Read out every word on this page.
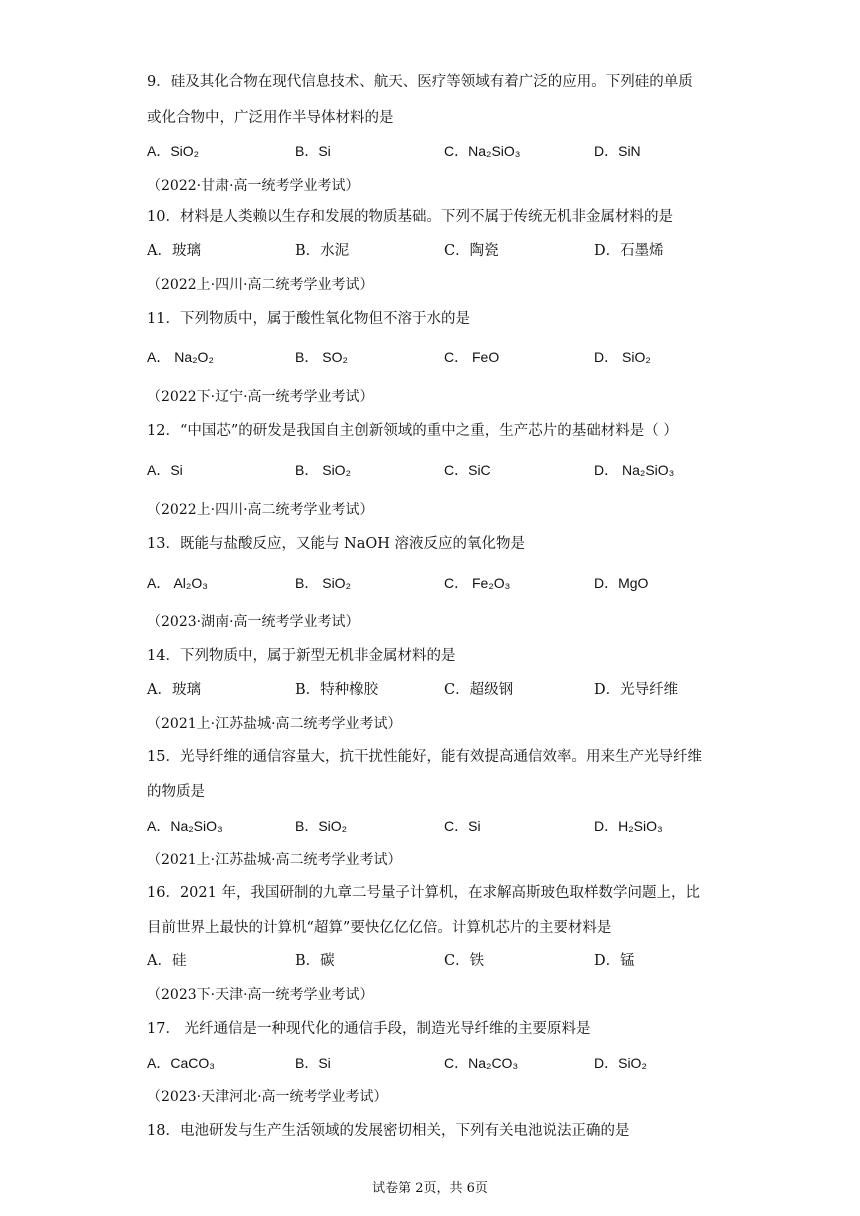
9．硅及其化合物在现代信息技术、航天、医疗等领域有着广泛的应用。下列硅的单质
或化合物中，广泛用作半导体材料的是
A．SiO₂	B．Si	C．Na₂SiO₃	D．SiN
（2022·甘肃·高一统考学业考试）
10．材料是人类赖以生存和发展的物质基础。下列不属于传统无机非金属材料的是
A．玻璃	B．水泥	C．陶瓷	D．石墨烯
（2022上·四川·高二统考学业考试）
11．下列物质中，属于酸性氧化物但不溶于水的是
A． Na₂O₂	B． SO₂	C． FeO	D． SiO₂
（2022下·辽宁·高一统考学业考试）
12．“中国芯”的研发是我国自主创新领域的重中之重，生产芯片的基础材料是（ ）
A．Si	B． SiO₂	C．SiC	D． Na₂SiO₃
（2022上·四川·高二统考学业考试）
13．既能与盐酸反应，又能与 NaOH 溶液反应的氧化物是
A． Al₂O₃	B． SiO₂	C． Fe₂O₃	D．MgO
（2023·湖南·高一统考学业考试）
14．下列物质中，属于新型无机非金属材料的是
A．玻璃	B．特种橡胶	C．超级钢	D．光导纤维
（2021上·江苏盐城·高二统考学业考试）
15．光导纤维的通信容量大，抗干扰性能好，能有效提高通信效率。用来生产光导纤维
的物质是
A．Na₂SiO₃	B．SiO₂	C．Si	D．H₂SiO₃
（2021上·江苏盐城·高二统考学业考试）
16．2021 年，我国研制的九章二号量子计算机，在求解高斯玻色取样数学问题上，比
目前世界上最快的计算机“超算”要快亿亿亿倍。计算机芯片的主要材料是
A．硅	B．碳	C．铁	D．锰
（2023下·天津·高一统考学业考试）
17． 光纤通信是一种现代化的通信手段，制造光导纤维的主要原料是
A．CaCO₃	B．Si	C．Na₂CO₃	D．SiO₂
（2023·天津河北·高一统考学业考试）
18．电池研发与生产生活领域的发展密切相关，下列有关电池说法正确的是
试卷第 2页，共 6页
